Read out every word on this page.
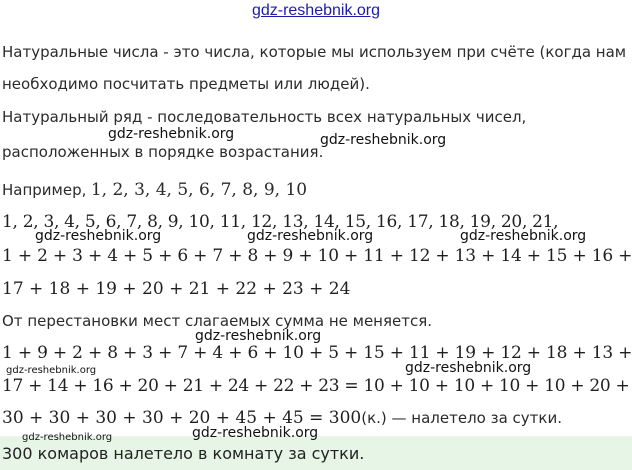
gdz-reshebnik.org
Натуральные числа - это числа, которые мы используем при счёте (когда нам
необходимо посчитать предметы или людей).
Натуральный ряд - последовательность всех натуральных чисел,
расположенных в порядке возрастания.
Например, 1, 2, 3, 4, 5, 6, 7, 8, 9, 10
1, 2, 3, 4, 5, 6, 7, 8, 9, 10, 11, 12, 13, 14, 15, 16, 17, 18, 19, 20, 21,
1 + 2 + 3 + 4 + 5 + 6 + 7 + 8 + 9 + 10 + 11 + 12 + 13 + 14 + 15 + 16 +
17 + 18 + 19 + 20 + 21 + 22 + 23 + 24
От перестановки мест слагаемых сумма не меняется.
1 + 9 + 2 + 8 + 3 + 7 + 4 + 6 + 10 + 5 + 15 + 11 + 19 + 12 + 18 + 13 +
17 + 14 + 16 + 20 + 21 + 24 + 22 + 23 = 10 + 10 + 10 + 10 + 10 + 20 +
30 + 30 + 30 + 30 + 20 + 45 + 45 = 300(к.) — налетело за сутки.
300 комаров налетело в комнату за сутки.
gdz-reshebnik.org	gdz-reshebnik.org
gdz-reshebnik.org	gdz-reshebnik.org	gdz-reshebnik.org
gdz-reshebnik.org
gdz-reshebnik.org	gdz-reshebnik.org
gdz-reshebnik.org	gdz-reshebnik.org
